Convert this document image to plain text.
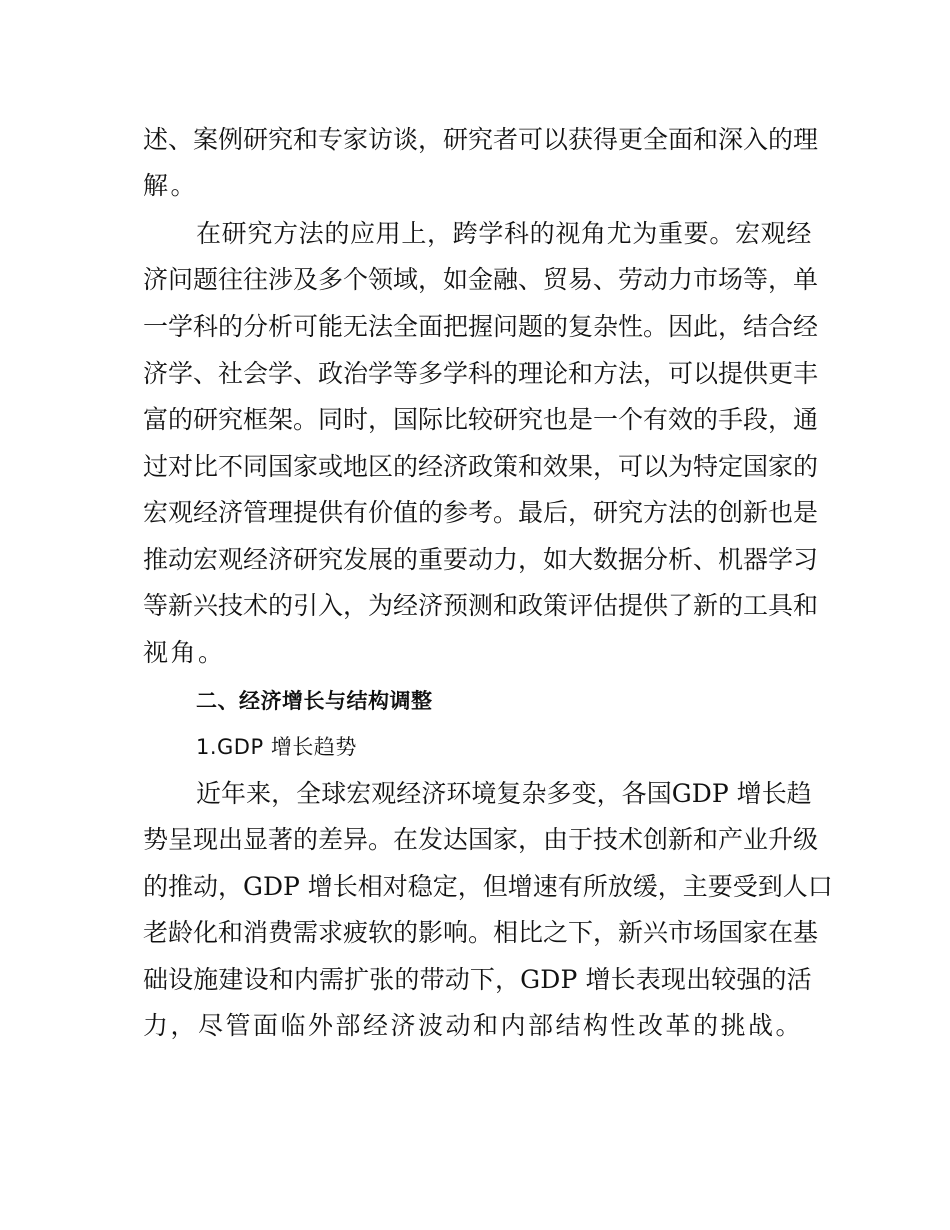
述、案例研究和专家访谈，研究者可以获得更全面和深入的理
解。
在研究方法的应用上，跨学科的视角尤为重要。宏观经
济问题往往涉及多个领域，如金融、贸易、劳动力市场等，单
一学科的分析可能无法全面把握问题的复杂性。因此，结合经
济学、社会学、政治学等多学科的理论和方法，可以提供更丰
富的研究框架。同时，国际比较研究也是一个有效的手段，通
过对比不同国家或地区的经济政策和效果，可以为特定国家的
宏观经济管理提供有价值的参考。最后，研究方法的创新也是
推动宏观经济研究发展的重要动力，如大数据分析、机器学习
等新兴技术的引入，为经济预测和政策评估提供了新的工具和
视角。
二、经济增长与结构调整
1.GDP 增长趋势
近年来，全球宏观经济环境复杂多变，各国GDP 增长趋
势呈现出显著的差异。在发达国家，由于技术创新和产业升级
的推动，GDP 增长相对稳定，但增速有所放缓，主要受到人口
老龄化和消费需求疲软的影响。相比之下，新兴市场国家在基
础设施建设和内需扩张的带动下，GDP 增长表现出较强的活
力，尽管面临外部经济波动和内部结构性改革的挑战。
